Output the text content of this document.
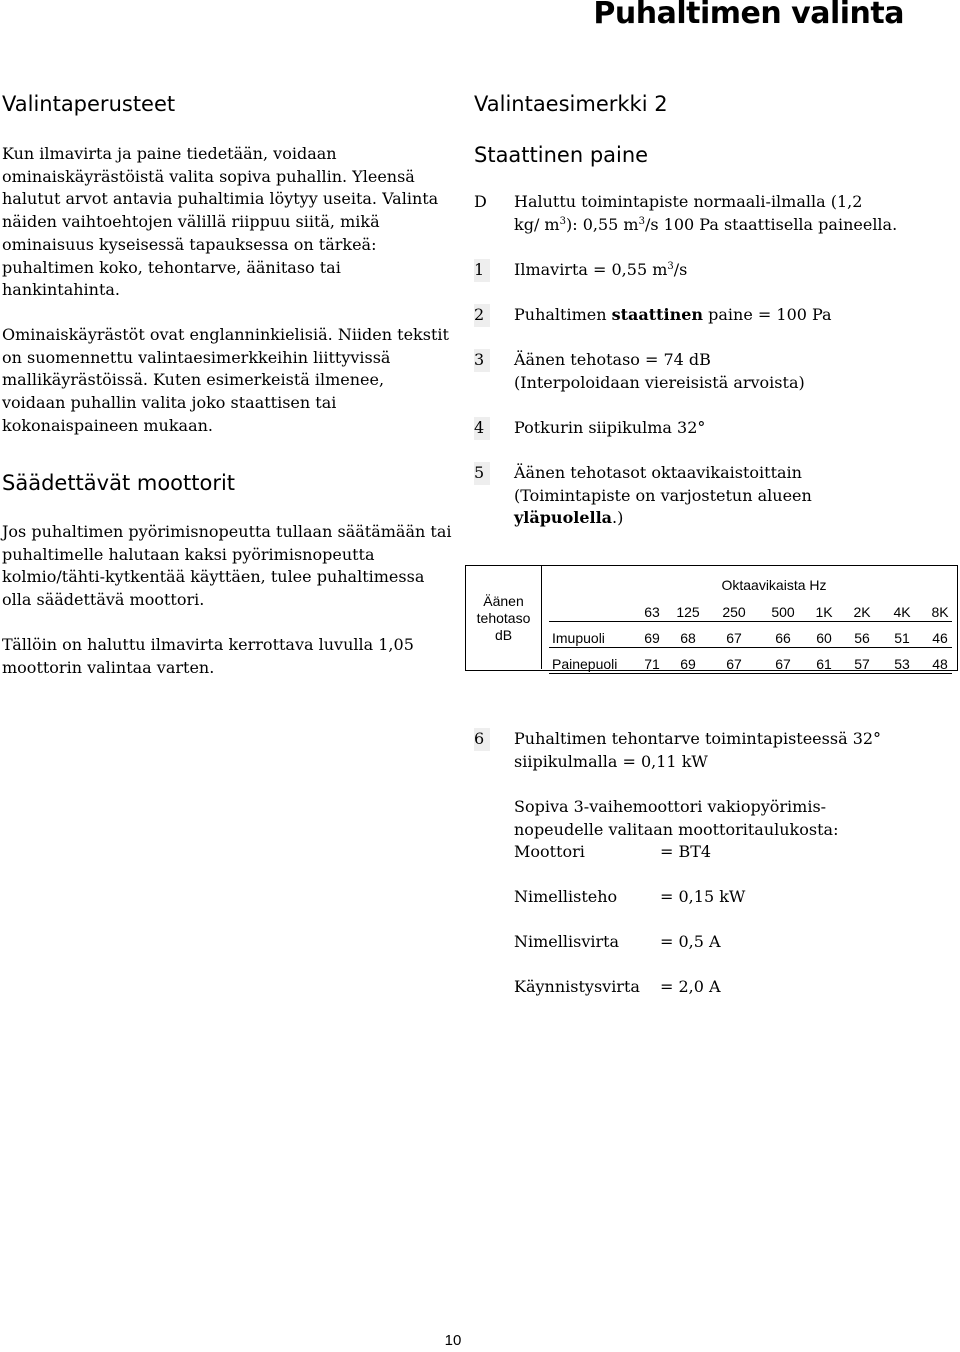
Puhaltimen valinta
Valintaperusteet

Kun ilmavirta ja paine tiedetään, voidaan ominaiskäyrästöistä valita sopiva puhallin. Yleensä halutut arvot antavia puhaltimia löytyy useita. Valinta näiden vaihtoehtojen välillä riippuu siitä, mikä ominaisuus kyseisessä tapauksessa on tärkeä: puhaltimen koko, tehontarve, äänitaso tai hankintahinta.

Ominaiskäyrästöt ovat englanninkielisiä. Niiden tekstit on suomennettu valintaesimerkkeihin liittyvissä mallikäyrästöissä. Kuten esimerkeistä ilmenee, voidaan puhallin valita joko staattisen tai kokonaispaineen mukaan.

Säädettävät moottorit

Jos puhaltimen pyörimisnopeutta tullaan säätämään tai puhaltimelle halutaan kaksi pyörimisnopeutta kolmio/tähti-kytkentää käyttäen, tulee puhaltimessa olla säädettävä moottori.

Tällöin on haluttu ilmavirta kerrottava luvulla 1,05 moottorin valintaa varten.

Valintaesimerkki 2
Staattinen paine
D Haluttu toimintapiste normaali-ilmalla (1,2
kg/ $m^3$): 0,55 $m^3/s$ 100 Pa staattisella paineella.
1	Ilmavirta = 0,55 $m^3/s$
2	Puhaltimen staattinen paine = 100 Pa
3	Äänen tehotaso = 74 dB
(Interpoloidaan viereisistä arvoista)
4	Potkurin siipikulma 32°
5	Äänen tehotasot oktaavikaistoittain
(Toimintapiste on varjostetun alueen
yläpuolella.)
Äänen
tehotaso
dB
Oktaavikaista Hz
63	125	250	500	1K	2K	4K	8K
Imupuoli	69	68	67	66	60	56	51	46
Painepuoli	71	69	67	67	61	57	53	48
6	Puhaltimen tehontarve toimintapisteessä 32°
siipikulmalla = 0,11 kW
Sopiva 3-vaihemoottori vakiopyörimis-
nopeudelle valitaan moottoritaulukosta:
Moottori	= BT4
Nimellisteho	= 0,15 kW
Nimellisvirta	= 0,5 A
Käynnistysvirta = 2,0 A
10
